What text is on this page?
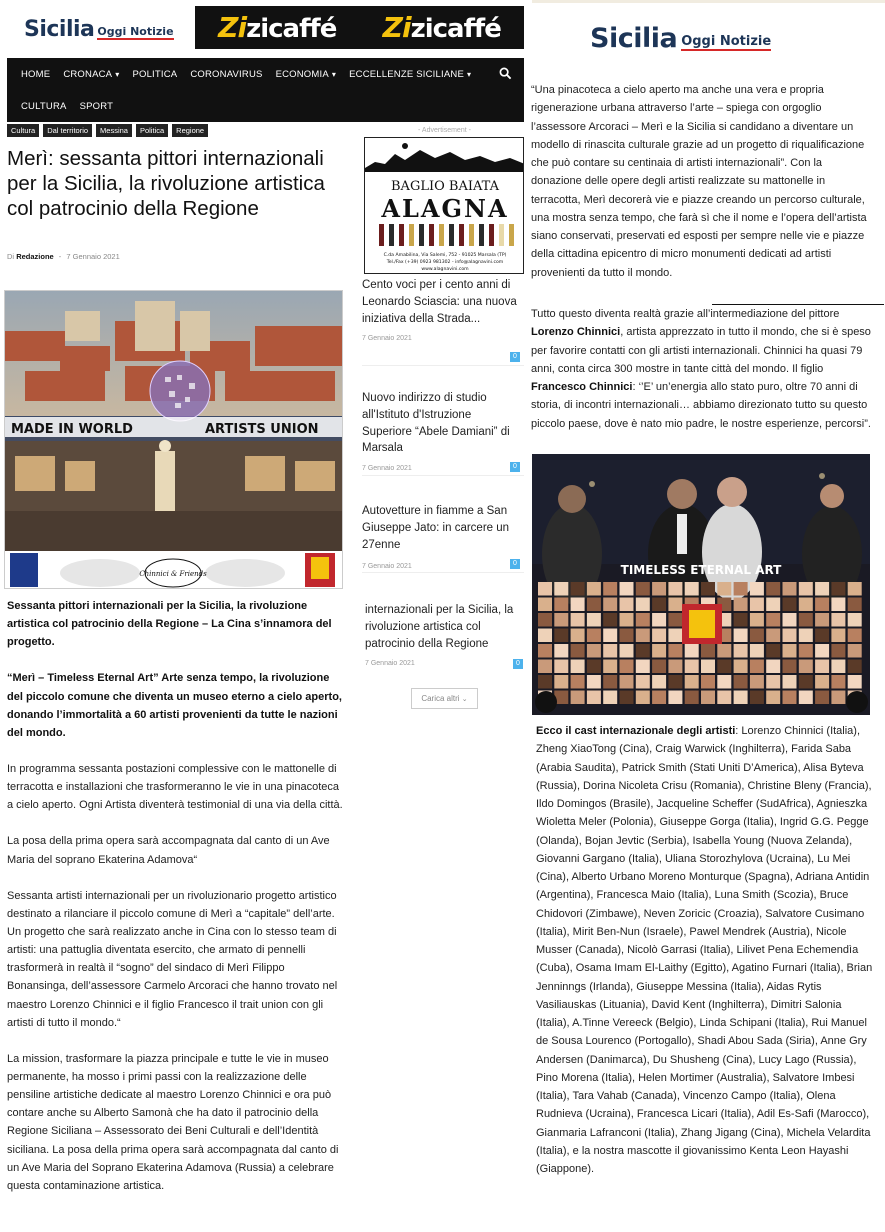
Sicilia Oggi Notizie Zizicaffé Zizicaffé
HOME CRONACA ▾ POLITICA CORONAVIRUS ECONOMIA ▾ ECCELLENZE SICILIANE ▾
CULTURA SPORT
Cultura	Dal territorio	Messina	Politica	Regione
Merì: sessanta pittori internazionali per la Sicilia, la rivoluzione artistica col patrocinio della Regione
Di Redazione - 7 Gennaio 2021
MADE IN WORLD	ARTISTS UNION
Chinnici & Friends

Sessanta pittori internazionali per la Sicilia, la rivoluzione artistica col patrocinio della Regione – La Cina s’innamora del progetto.

“Merì – Timeless Eternal Art” Arte senza tempo, la rivoluzione del piccolo comune che diventa un museo eterno a cielo aperto, donando l’immortalità a 60 artisti provenienti da tutte le nazioni del mondo.

In programma sessanta postazioni complessive con le mattonelle di terracotta e installazioni che trasformeranno le vie in una pinacoteca a cielo aperto. Ogni Artista diventerà testimonial di una via della città.

La posa della prima opera sarà accompagnata dal canto di un Ave Maria del soprano Ekaterina Adamova“

Sessanta artisti internazionali per un rivoluzionario progetto artistico destinato a rilanciare il piccolo comune di Merì a “capitale” dell’arte. Un progetto che sarà realizzato anche in Cina con lo stesso team di artisti: una pattuglia diventata esercito, che armato di pennelli trasformerà in realtà il “sogno” del sindaco di Merì Filippo Bonansinga, dell’assessore Carmelo Arcoraci che hanno trovato nel maestro Lorenzo Chinnici e il figlio Francesco il trait union con gli artisti di tutto il mondo.“

La mission, trasformare la piazza principale e tutte le vie in museo permanente, ha mosso i primi passi con la realizzazione delle pensiline artistiche dedicate al maestro Lorenzo Chinnici e ora può contare anche su Alberto Samonà che ha dato il patrocinio della Regione Siciliana – Assessorato dei Beni Culturali e dell’Identità siciliana. La posa della prima opera sarà accompagnata dal canto di un Ave Maria del Soprano Ekaterina Adamova (Russia) a celebrare questa contaminazione artistica.

- Advertisement -
BAGLIO BAIATA
ALAGNA
C.da Amabilina, Via Salemi, 752 - 91025 Marsala (TP)
Tel./Fax (+39) 0923 981302 - info@alagnavini.com
www.alagnavini.com
Cento voci per i cento anni di Leonardo Sciascia: una nuova iniziativa della Strada...
7 Gennaio 2021
0
Nuovo indirizzo di studio all'Istituto d'Istruzione Superiore “Abele Damiani” di Marsala
7 Gennaio 2021	0
Autovetture in fiamme a San Giuseppe Jato: in carcere un 27enne
7 Gennaio 2021	0
internazionali per la Sicilia, la rivoluzione artistica col patrocinio della Regione
7 Gennaio 2021	0
Carica altri ⌄
Sicilia Oggi Notizie
“Una pinacoteca a cielo aperto ma anche una vera e propria rigenerazione urbana attraverso l’arte – spiega con orgoglio l’assessore Arcoraci – Merì e la Sicilia si candidano a diventare un modello di rinascita culturale grazie ad un progetto di riqualificazione che può contare su centinaia di artisti internazionali”. Con la donazione delle opere degli artisti realizzate su mattonelle in terracotta, Merì decorerà vie e piazze creando un percorso culturale, una mostra senza tempo, che farà sì che il nome e l’opera dell’artista siano conservati, preservati ed esposti per sempre nelle vie e piazze della cittadina epicentro di micro monumenti dedicati ad artisti provenienti da tutto il mondo.
Tutto questo diventa realtà grazie all’intermediazione del pittore Lorenzo Chinnici, artista apprezzato in tutto il mondo, che si è speso per favorire contatti con gli artisti internazionali. Chinnici ha quasi 79 anni, conta circa 300 mostre in tante città del mondo. Il figlio Francesco Chinnici: ‘’E’ un’energia allo stato puro, oltre 70 anni di storia, di incontri internazionali… abbiamo direzionato tutto su questo piccolo paese, dove è nato mio padre, le nostre esperienze, percorsi”.
TIMELESS ETERNAL ART
Ecco il cast internazionale degli artisti: Lorenzo Chinnici (Italia), Zheng XiaoTong (Cina), Craig Warwick (Inghilterra), Farida Saba (Arabia Saudita), Patrick Smith (Stati Uniti D’America), Alisa Byteva (Russia), Dorina Nicoleta Crisu (Romania), Christine Bleny (Francia), Ildo Domingos (Brasile), Jacqueline Scheffer (SudAfrica), Agnieszka Wioletta Meler (Polonia), Giuseppe Gorga (Italia), Ingrid G.G. Pegge (Olanda), Bojan Jevtic (Serbia), Isabella Young (Nuova Zelanda), Giovanni Gargano (Italia), Uliana Storozhylova (Ucraina), Lu Mei (Cina), Alberto Urbano Moreno Monturque (Spagna), Adriana Antidin (Argentina), Francesca Maio (Italia), Luna Smith (Scozia), Bruce Chidovori (Zimbawe), Neven Zoricic (Croazia), Salvatore Cusimano (Italia), Mirit Ben-Nun (Israele), Pawel Mendrek (Austria), Nicole Musser (Canada), Nicolò Garrasi (Italia), Lilivet Pena Echemendìa (Cuba), Osama Imam El-Laithy (Egitto), Agatino Furnari (Italia), Brian Jenninngs (Irlanda), Giuseppe Messina (Italia), Aidas Rytis Vasiliauskas (Lituania), David Kent (Inghilterra), Dimitri Salonia (Italia), A.Tinne Vereeck (Belgio), Linda Schipani (Italia), Rui Manuel de Sousa Lourenco (Portogallo), Shadi Abou Sada (Siria), Anne Gry Andersen (Danimarca), Du Shusheng (Cina), Lucy Lago (Russia), Pino Morena (Italia), Helen Mortimer (Australia), Salvatore Imbesi (Italia), Tara Vahab (Canada), Vincenzo Campo (Italia), Olena Rudnieva (Ucraina), Francesca Licari (Italia), Adil Es-Safi (Marocco), Gianmaria Lafranconi (Italia), Zhang Jigang (Cina), Michela Velardita (Italia), e la nostra mascotte il giovanissimo Kenta Leon Hayashi (Giappone).
